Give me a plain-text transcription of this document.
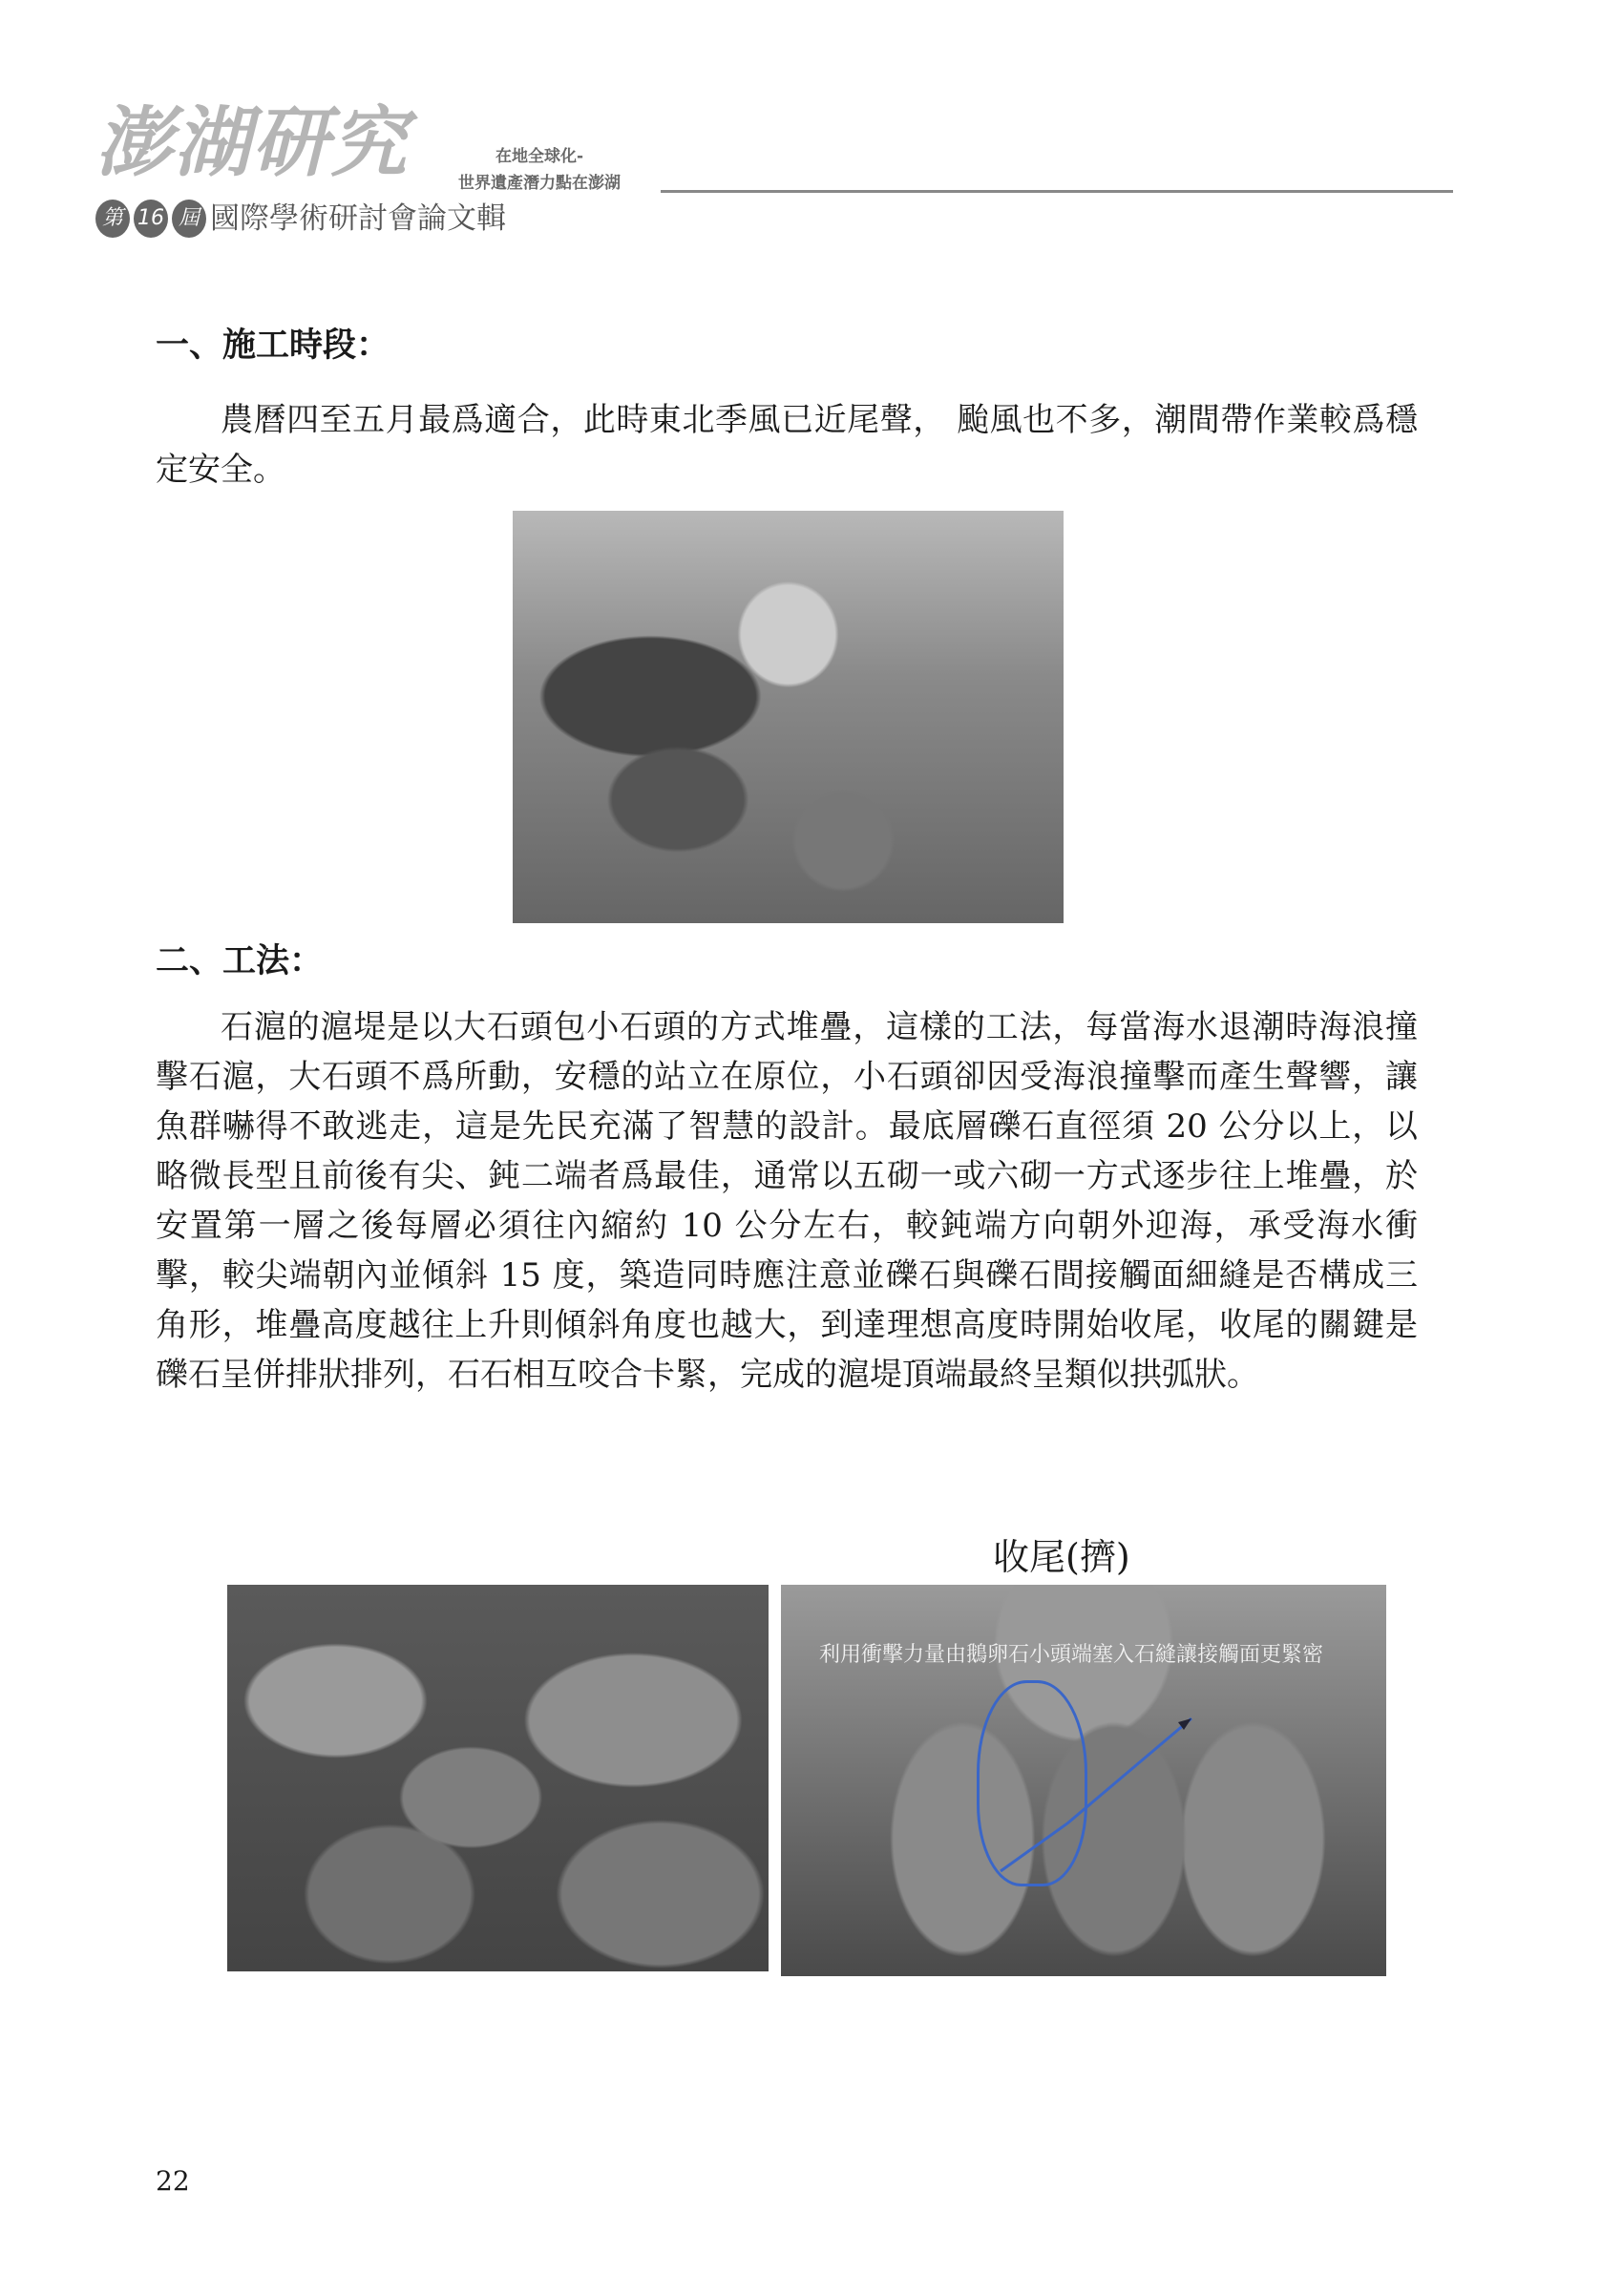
澎湖研究
第 16 屆 國際學術研討會論文輯
在地全球化-
世界遺產潛力點在澎湖
一、施工時段：

農曆四至五月最爲適合，此時東北季風已近尾聲， 颱風也不多，潮間帶作業較爲穩定安全。

二、工法：

石滬的滬堤是以大石頭包小石頭的方式堆疊，這樣的工法，每當海水退潮時海浪撞擊石滬，大石頭不爲所動，安穩的站立在原位，小石頭卻因受海浪撞擊而產生聲響，讓魚群嚇得不敢逃走，這是先民充滿了智慧的設計。最底層礫石直徑須 20 公分以上，以略微長型且前後有尖、鈍二端者爲最佳，通常以五砌一或六砌一方式逐步往上堆疊，於安置第一層之後每層必須往內縮約 10 公分左右，較鈍端方向朝外迎海，承受海水衝擊，較尖端朝內並傾斜 15 度，築造同時應注意並礫石與礫石間接觸面細縫是否構成三角形，堆疊高度越往上升則傾斜角度也越大，到達理想高度時開始收尾，收尾的關鍵是礫石呈併排狀排列，石石相互咬合卡緊，完成的滬堤頂端最終呈類似拱弧狀。

收尾(擠)
利用衝擊力量由鵝卵石小頭端塞入石縫讓接觸面更緊密
22
